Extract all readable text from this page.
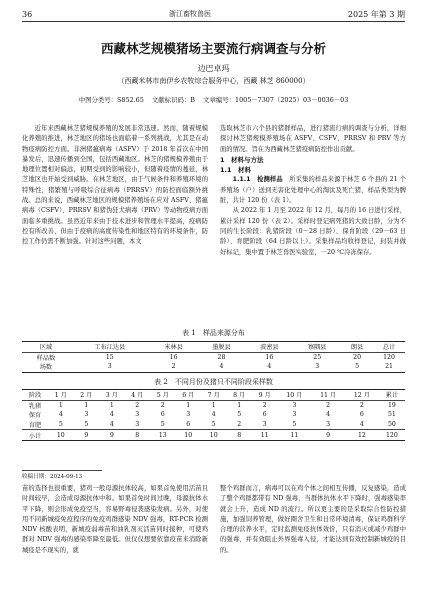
36	浙江畜牧兽医	2025 年第 3 期
西藏林芝规模猪场主要流行病调查与分析
边巴卓玛
（西藏米林市南伊乡农牧综合服务中心，西藏 林芝 860000）
中图分类号：S852.65    文献标识码：B    文章编号：1005－7307（2025）03－0036－03

近年来西藏林芝猪规模养殖的发展非常迅速。然而，随着规模化养殖的推进，林芝地区的猪场也面临着一系列挑战，尤其是在动物疫病防控方面。非洲猪瘟病毒（ASFV）于 2018 年首次在中国暴发后，迅速传播到全国，包括西藏地区。林芝的猪规模养殖由于地理位置相对偏远，初期受到的影响较小，但随着疫情的蔓延，林芝地区也开始受到威胁。在林芝地区，由于气候条件和养殖环境的特殊性，猪繁殖与呼吸综合征病毒（PRRSV）的防控面临额外挑战。总的来说，西藏林芝地区的规模猪养殖场在应对 ASFV、猪瘟病毒（CSFV）、PRRSV 和猪伪狂犬病毒（PRV）等动物疫病方面面临多重挑战。虽然近年来由于技术进步和管理水平提高，疫病防控有所改善，但由于疫病的高度传染性和地区特有的环境条件，防控工作仍需不断加强。针对这些问题，本文

选取林芝市六个县的猪群样品，进行猪流行病的调查与分析，详细探讨林芝猪规模养殖场在 ASFV、CSFV、PRRSV 和 PRV 等方面的情况。旨在为西藏林芝猪疫病防控作出贡献。

1　材料与方法
1.1　材料

1.1.1　检测样品　 所采集的样品来源于林芝 6 个县的 21 个养殖场（户）送到无害化处理中心的淘汰及死亡猪，样品类型为脾脏，共计 120 份（表 1）。

从 2022 年 1 月至 2022 年 12 月，每月的 16 日进行采样，累计采样 120 份（表 2）。采样时登记病死猪的大致日龄，分为不同的生长阶段：乳猪阶段（0－28 日龄）、保育阶段（29－63 日龄）、育肥阶段（64 日龄以上）。采集样品均收样登记，封装并做好标记，集中置于林芝兽医实验室，－20 ℃冷冻保存。

表 1　样品来源分布
区域	工布江达县	米林县	墨脱县	波密县	察隅县	朗县	总计
样品数	15	16	28	16	25	20	120
场数	3	2	4	4	3	5	21
表 2　不同月份及猪只不同阶段采样数
阶段	1 月	2 月	3 月	4 月	5 月	6 月	7 月	8 月	9 月	10 月	11 月	12 月	累计
乳猪	1	1	1	2	2	1	1	1	2	3	2	2	19
保育	4	3	4	3	6	3	4	5	6	3	4	6	51
育肥	5	5	4	3	5	6	5	2	3	5	3	4	50
小计	10	9	9	8	13	10	10	8	11	11	9	12	120
收稿日期：2024-09-13

苗的选择也很重要，猪鸡一般母源抗体较高，如果首免使用活苗且时间较早，会造成母源抗体中和。如果首免时间过晚，母源抗体水平下降，则会形成免疫空当，容易野毒侵袭感染发病。另外，对使用不同新城疫免疫程序的免疫鸡群感染 NDV 强毒，RT-PCR 检测 NDV 核酸表明，新城疫弱毒苗和油乳剂灭活苗同时接种，可使鸡群对 NDV 强毒的感染率降至最低。但仅仅想要依靠疫苗来消除新城疫是不现实的，就

整个鸡群而言，病毒可以在鸡个体之间相互传播，反复感染，造成了整个鸡群都带有 ND 强毒，当群体抗体水平下降时，强毒感染率就会上升，造成 ND 的流行。所以更主要的是采取综合性防控措施，加强饲养管理，做好圈舍卫生和日常环境清毒，保证鸡群科学合理的营养水平，定时监测免疫抗体效价，只有消灭或减少鸡群中的强毒，并有效阻止外界强毒入侵，才能达到有效控制新城疫的目的。
